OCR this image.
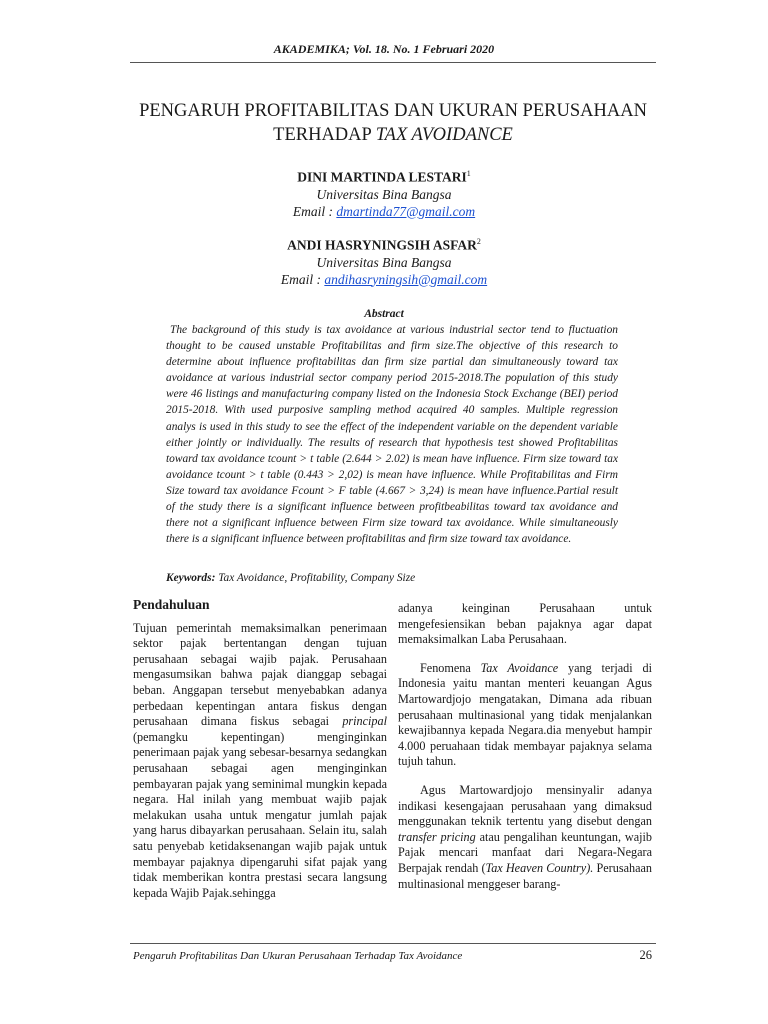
AKADEMIKA; Vol. 18. No. 1 Februari 2020
PENGARUH PROFITABILITAS DAN UKURAN PERUSAHAAN
TERHADAP TAX AVOIDANCE
DINI MARTINDA LESTARI$^1$
Universitas Bina Bangsa
Email : dmartinda77@gmail.com
ANDI HASRYNINGSIH ASFAR$^2$
Universitas Bina Bangsa
Email : andihasryningsih@gmail.com
Abstract
The background of this study is tax avoidance at various industrial sector tend to fluctuation thought to be caused unstable Profitabilitas and firm size.The objective of this research to determine about influence profitabilitas dan firm size partial dan simultaneously toward tax avoidance at various industrial sector company period 2015-2018.The population of this study were 46 listings and manufacturing company listed on the Indonesia Stock Exchange (BEI) period 2015-2018. With used purposive sampling method acquired 40 samples. Multiple regression analys is used in this study to see the effect of the independent variable on the dependent variable either jointly or individually. The results of research that hypothesis test showed Profitabilitas toward tax avoidance tcount > t table (2.644 > 2.02) is mean have influence. Firm size toward tax avoidance tcount > t table (0.443 > 2,02) is mean have influence. While Profitabilitas and Firm Size toward tax avoidance Fcount > F table (4.667 > 3,24) is mean have influence.Partial result of the study there is a significant influence between profitbeabilitas toward tax avoidance and there not a significant influence between Firm size toward tax avoidance. While simultaneously there is a significant influence between profitabilitas and firm size toward tax avoidance.
Keywords: Tax Avoidance, Profitability, Company Size
Pendahuluan

Tujuan pemerintah memaksimalkan penerimaan sektor pajak bertentangan dengan tujuan perusahaan sebagai wajib pajak. Perusahaan mengasumsikan bahwa pajak dianggap sebagai beban. Anggapan tersebut menyebabkan adanya perbedaan kepentingan antara fiskus dengan perusahaan dimana fiskus sebagai principal (pemangku kepentingan) menginginkan penerimaan pajak yang sebesar-besarnya sedangkan perusahaan sebagai agen menginginkan pembayaran pajak yang seminimal mungkin kepada negara. Hal inilah yang membuat wajib pajak melakukan usaha untuk mengatur jumlah pajak yang harus dibayarkan perusahaan. Selain itu, salah satu penyebab ketidaksenangan wajib pajak untuk membayar pajaknya dipengaruhi sifat pajak yang tidak memberikan kontra prestasi secara langsung kepada Wajib Pajak.sehingga

adanya keinginan Perusahaan untuk mengefesiensikan beban pajaknya agar dapat memaksimalkan Laba Perusahaan.

Fenomena Tax Avoidance yang terjadi di Indonesia yaitu mantan menteri keuangan Agus Martowardjojo mengatakan, Dimana ada ribuan perusahaan multinasional yang tidak menjalankan kewajibannya kepada Negara.dia menyebut hampir 4.000 peruahaan tidak membayar pajaknya selama tujuh tahun.

Agus Martowardjojo mensinyalir adanya indikasi kesengajaan perusahaan yang dimaksud menggunakan teknik tertentu yang disebut dengan transfer pricing atau pengalihan keuntungan, wajib Pajak mencari manfaat dari Negara-Negara Berpajak rendah (Tax Heaven Country). Perusahaan multinasional menggeser barang-

Pengaruh Profitabilitas Dan Ukuran Perusahaan Terhadap Tax Avoidance	26
